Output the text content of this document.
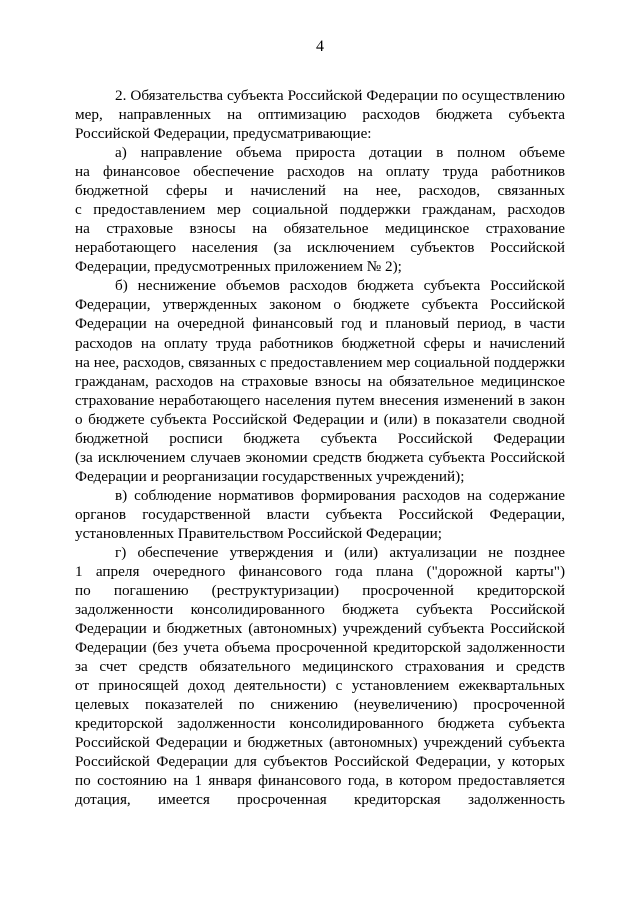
4
2. Обязательства субъекта Российской Федерации по осуществлению
мер, направленных на оптимизацию расходов бюджета субъекта
Российской Федерации, предусматривающие:
а) направление объема прироста дотации в полном объеме
на финансовое обеспечение расходов на оплату труда работников
бюджетной сферы и начислений на нее, расходов, связанных
с предоставлением мер социальной поддержки гражданам, расходов
на страховые взносы на обязательное медицинское страхование
неработающего населения (за исключением субъектов Российской
Федерации, предусмотренных приложением № 2);
б) неснижение объемов расходов бюджета субъекта Российской
Федерации, утвержденных законом о бюджете субъекта Российской
Федерации на очередной финансовый год и плановый период, в части
расходов на оплату труда работников бюджетной сферы и начислений
на нее, расходов, связанных с предоставлением мер социальной поддержки
гражданам, расходов на страховые взносы на обязательное медицинское
страхование неработающего населения путем внесения изменений в закон
о бюджете субъекта Российской Федерации и (или) в показатели сводной
бюджетной росписи бюджета субъекта Российской Федерации
(за исключением случаев экономии средств бюджета субъекта Российской
Федерации и реорганизации государственных учреждений);
в) соблюдение нормативов формирования расходов на содержание
органов государственной власти субъекта Российской Федерации,
установленных Правительством Российской Федерации;
г) обеспечение утверждения и (или) актуализации не позднее
1 апреля очередного финансового года плана ("дорожной карты")
по погашению (реструктуризации) просроченной кредиторской
задолженности консолидированного бюджета субъекта Российской
Федерации и бюджетных (автономных) учреждений субъекта Российской
Федерации (без учета объема просроченной кредиторской задолженности
за счет средств обязательного медицинского страхования и средств
от приносящей доход деятельности) с установлением ежеквартальных
целевых показателей по снижению (неувеличению) просроченной
кредиторской задолженности консолидированного бюджета субъекта
Российской Федерации и бюджетных (автономных) учреждений субъекта
Российской Федерации для субъектов Российской Федерации, у которых
по состоянию на 1 января финансового года, в котором предоставляется
дотация, имеется просроченная кредиторская задолженность
